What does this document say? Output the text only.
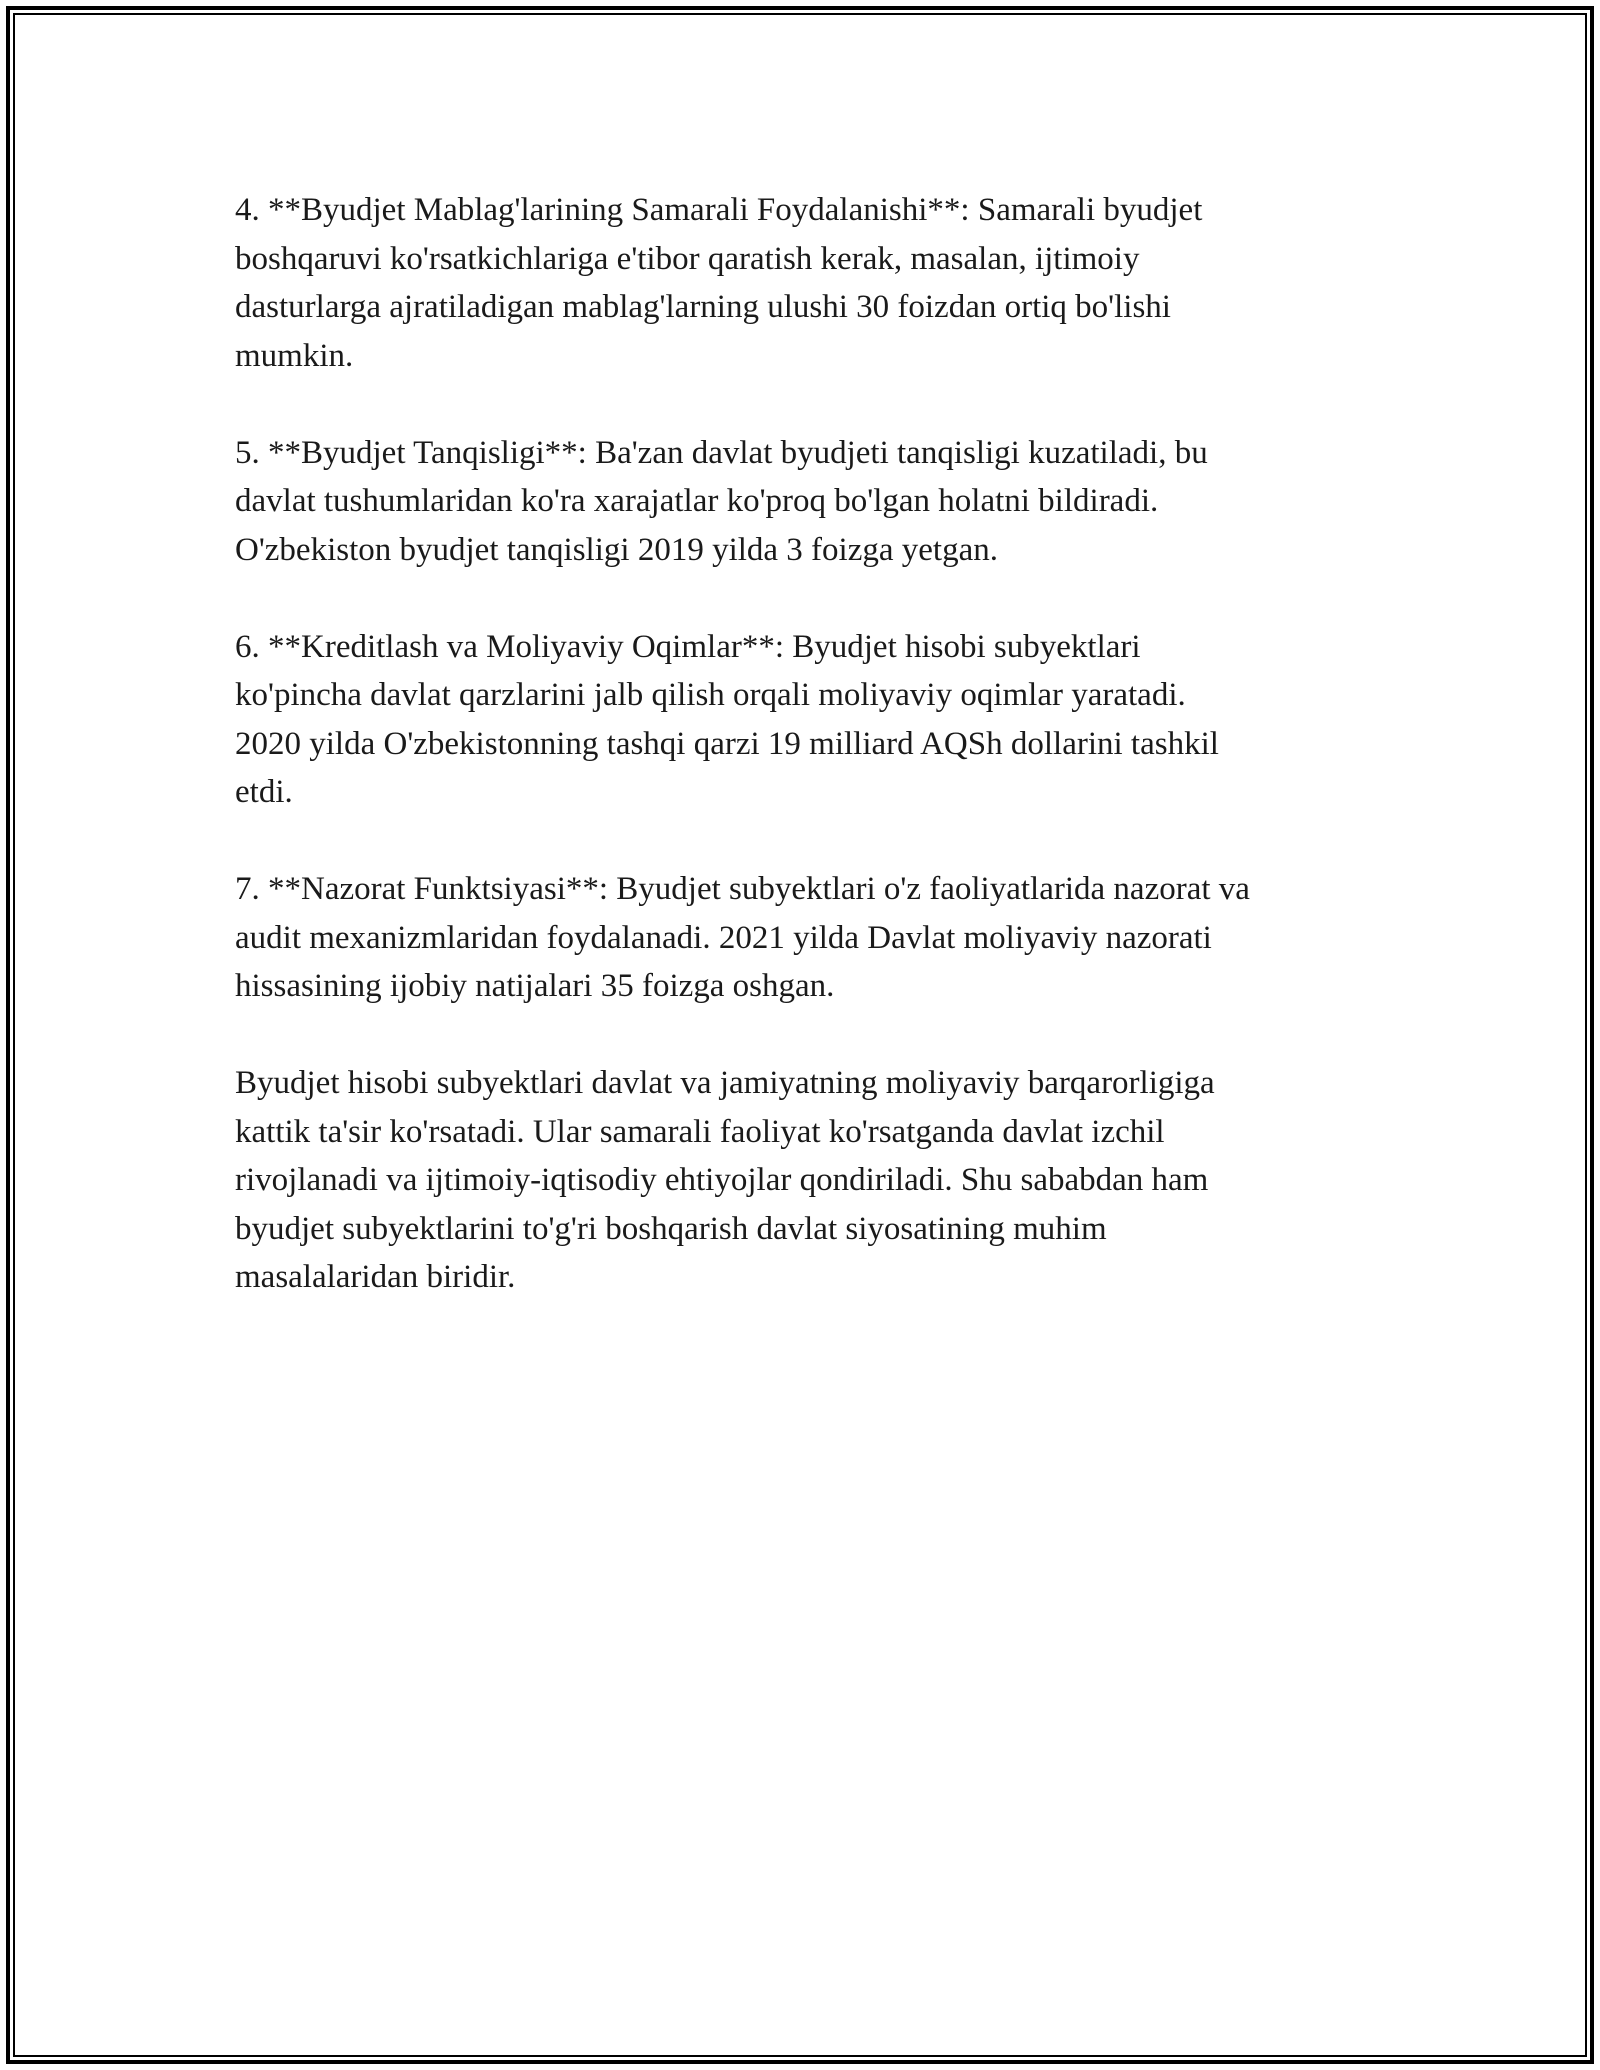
4. **Byudjet Mablag'larining Samarali Foydalanishi**: Samarali byudjet
boshqaruvi ko'rsatkichlariga e'tibor qaratish kerak, masalan, ijtimoiy
dasturlarga ajratiladigan mablag'larning ulushi 30 foizdan ortiq bo'lishi
mumkin.

5. **Byudjet Tanqisligi**: Ba'zan davlat byudjeti tanqisligi kuzatiladi, bu
davlat tushumlaridan ko'ra xarajatlar ko'proq bo'lgan holatni bildiradi.
O'zbekiston byudjet tanqisligi 2019 yilda 3 foizga yetgan.

6. **Kreditlash va Moliyaviy Oqimlar**: Byudjet hisobi subyektlari
ko'pincha davlat qarzlarini jalb qilish orqali moliyaviy oqimlar yaratadi.
2020 yilda O'zbekistonning tashqi qarzi 19 milliard AQSh dollarini tashkil
etdi.

7. **Nazorat Funktsiyasi**: Byudjet subyektlari o'z faoliyatlarida nazorat va
audit mexanizmlaridan foydalanadi. 2021 yilda Davlat moliyaviy nazorati
hissasining ijobiy natijalari 35 foizga oshgan.

Byudjet hisobi subyektlari davlat va jamiyatning moliyaviy barqarorligiga
kattik ta'sir ko'rsatadi. Ular samarali faoliyat ko'rsatganda davlat izchil
rivojlanadi va ijtimoiy-iqtisodiy ehtiyojlar qondiriladi. Shu sababdan ham
byudjet subyektlarini to'g'ri boshqarish davlat siyosatining muhim
masalalaridan biridir.
